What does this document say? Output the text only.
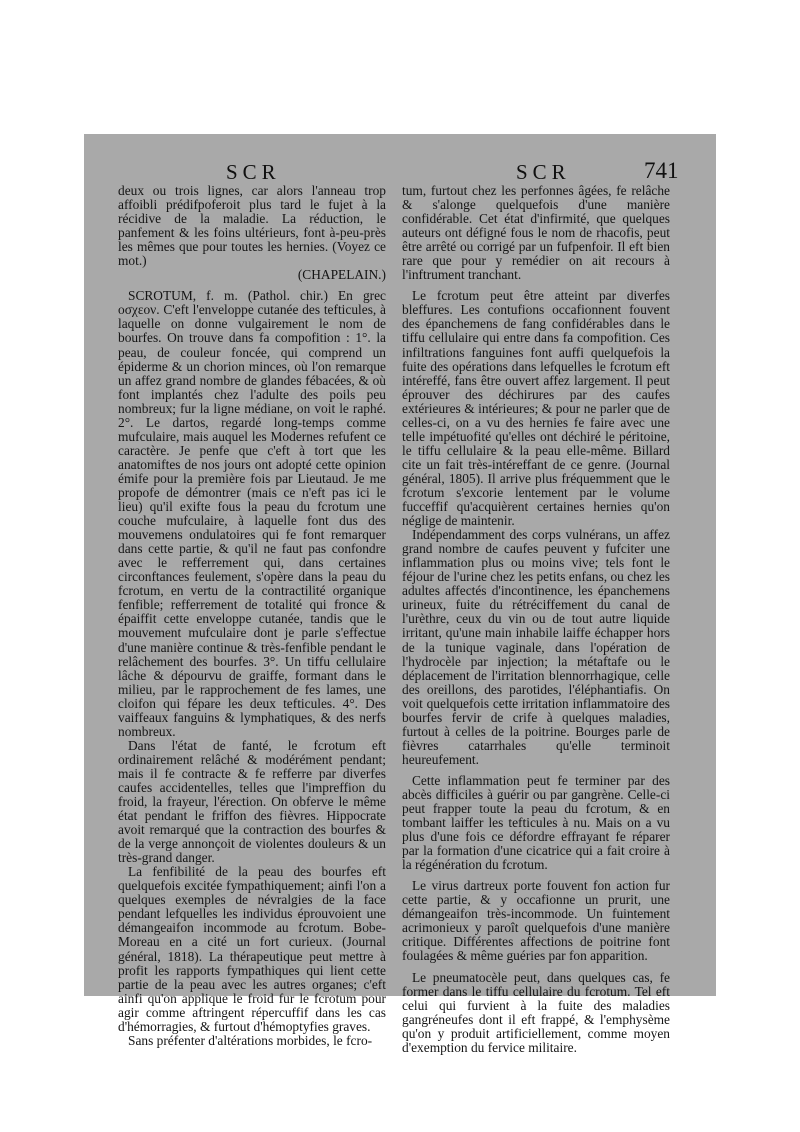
SCR	SCR	741

deux ou trois lignes, car alors l'anneau trop affoibli prédifpoferoit plus tard le fujet à la récidive de la maladie. La réduction, le panfement & les foins ultérieurs, font à-peu-près les mêmes que pour toutes les hernies. (Voyez ce mot.)

(CHAPELAIN.)

SCROTUM, f. m. (Pathol. chir.) En grec οσχεον. C'eft l'enveloppe cutanée des tefticules, à laquelle on donne vulgairement le nom de bourfes. On trouve dans fa compofition : 1°. la peau, de couleur foncée, qui comprend un épiderme & un chorion minces, où l'on remarque un affez grand nombre de glandes fébacées, & où font implantés chez l'adulte des poils peu nombreux; fur la ligne médiane, on voit le raphé. 2°. Le dartos, regardé long-temps comme mufculaire, mais auquel les Modernes refufent ce caractère. Je penfe que c'eft à tort que les anatomiftes de nos jours ont adopté cette opinion émife pour la première fois par Lieutaud. Je me propofe de démontrer (mais ce n'eft pas ici le lieu) qu'il exifte fous la peau du fcrotum une couche mufculaire, à laquelle font dus des mouvemens ondulatoires qui fe font remarquer dans cette partie, & qu'il ne faut pas confondre avec le refferrement qui, dans certaines circonftances feulement, s'opère dans la peau du fcrotum, en vertu de la contractilité organique fenfible; refferrement de totalité qui fronce & épaiffit cette enveloppe cutanée, tandis que le mouvement mufculaire dont je parle s'effectue d'une manière continue & très-fenfible pendant le relâchement des bourfes. 3°. Un tiffu cellulaire lâche & dépourvu de graiffe, formant dans le milieu, par le rapprochement de fes lames, une cloifon qui fépare les deux tefticules. 4°. Des vaiffeaux fanguins & lymphatiques, & des nerfs nombreux.

Dans l'état de fanté, le fcrotum eft ordinairement relâché & modérément pendant; mais il fe contracte & fe refferre par diverfes caufes accidentelles, telles que l'impreffion du froid, la frayeur, l'érection. On obferve le même état pendant le friffon des fièvres. Hippocrate avoit remarqué que la contraction des bourfes & de la verge annonçoit de violentes douleurs & un très-grand danger.

La fenfibilité de la peau des bourfes eft quelquefois excitée fympathiquement; ainfi l'on a quelques exemples de névralgies de la face pendant lefquelles les individus éprouvoient une démangeaifon incommode au fcrotum. Bobe-Moreau en a cité un fort curieux. (Journal général, 1818). La thérapeutique peut mettre à profit les rapports fympathiques qui lient cette partie de la peau avec les autres organes; c'eft ainfi qu'on applique le froid fur le fcrotum pour agir comme aftringent répercuffif dans les cas d'hémorragies, & furtout d'hémoptyfies graves.

Sans préfenter d'altérations morbides, le fcro-

tum, furtout chez les perfonnes âgées, fe relâche & s'alonge quelquefois d'une manière confidérable. Cet état d'infirmité, que quelques auteurs ont défigné fous le nom de rhacofis, peut être arrêté ou corrigé par un fufpenfoir. Il eft bien rare que pour y remédier on ait recours à l'inftrument tranchant.

Le fcrotum peut être atteint par diverfes bleffures. Les contufions occafionnent fouvent des épanchemens de fang confidérables dans le tiffu cellulaire qui entre dans fa compofition. Ces infiltrations fanguines font auffi quelquefois la fuite des opérations dans lefquelles le fcrotum eft intéreffé, fans être ouvert affez largement. Il peut éprouver des déchirures par des caufes extérieures & intérieures; & pour ne parler que de celles-ci, on a vu des hernies fe faire avec une telle impétuofité qu'elles ont déchiré le péritoine, le tiffu cellulaire & la peau elle-même. Billard cite un fait très-intéreffant de ce genre. (Journal général, 1805). Il arrive plus fréquemment que le fcrotum s'excorie lentement par le volume fucceffif qu'acquièrent certaines hernies qu'on néglige de maintenir.

Indépendamment des corps vulnérans, un affez grand nombre de caufes peuvent y fufciter une inflammation plus ou moins vive; tels font le féjour de l'urine chez les petits enfans, ou chez les adultes affectés d'incontinence, les épanchemens urineux, fuite du rétréciffement du canal de l'urèthre, ceux du vin ou de tout autre liquide irritant, qu'une main inhabile laiffe échapper hors de la tunique vaginale, dans l'opération de l'hydrocèle par injection; la métaftafe ou le déplacement de l'irritation blennorrhagique, celle des oreillons, des parotides, l'éléphantiafis. On voit quelquefois cette irritation inflammatoire des bourfes fervir de crife à quelques maladies, furtout à celles de la poitrine. Bourges parle de fièvres catarrhales qu'elle terminoit heureufement.

Cette inflammation peut fe terminer par des abcès difficiles à guérir ou par gangrène. Celle-ci peut frapper toute la peau du fcrotum, & en tombant laiffer les tefticules à nu. Mais on a vu plus d'une fois ce défordre effrayant fe réparer par la formation d'une cicatrice qui a fait croire à la régénération du fcrotum.

Le virus dartreux porte fouvent fon action fur cette partie, & y occafionne un prurit, une démangeaifon très-incommode. Un fuintement acrimonieux y paroît quelquefois d'une manière critique. Différentes affections de poitrine font foulagées & même guéries par fon apparition.

Le pneumatocèle peut, dans quelques cas, fe former dans le tiffu cellulaire du fcrotum. Tel eft celui qui furvient à la fuite des maladies gangréneufes dont il eft frappé, & l'emphysème qu'on y produit artificiellement, comme moyen d'exemption du fervice militaire.
